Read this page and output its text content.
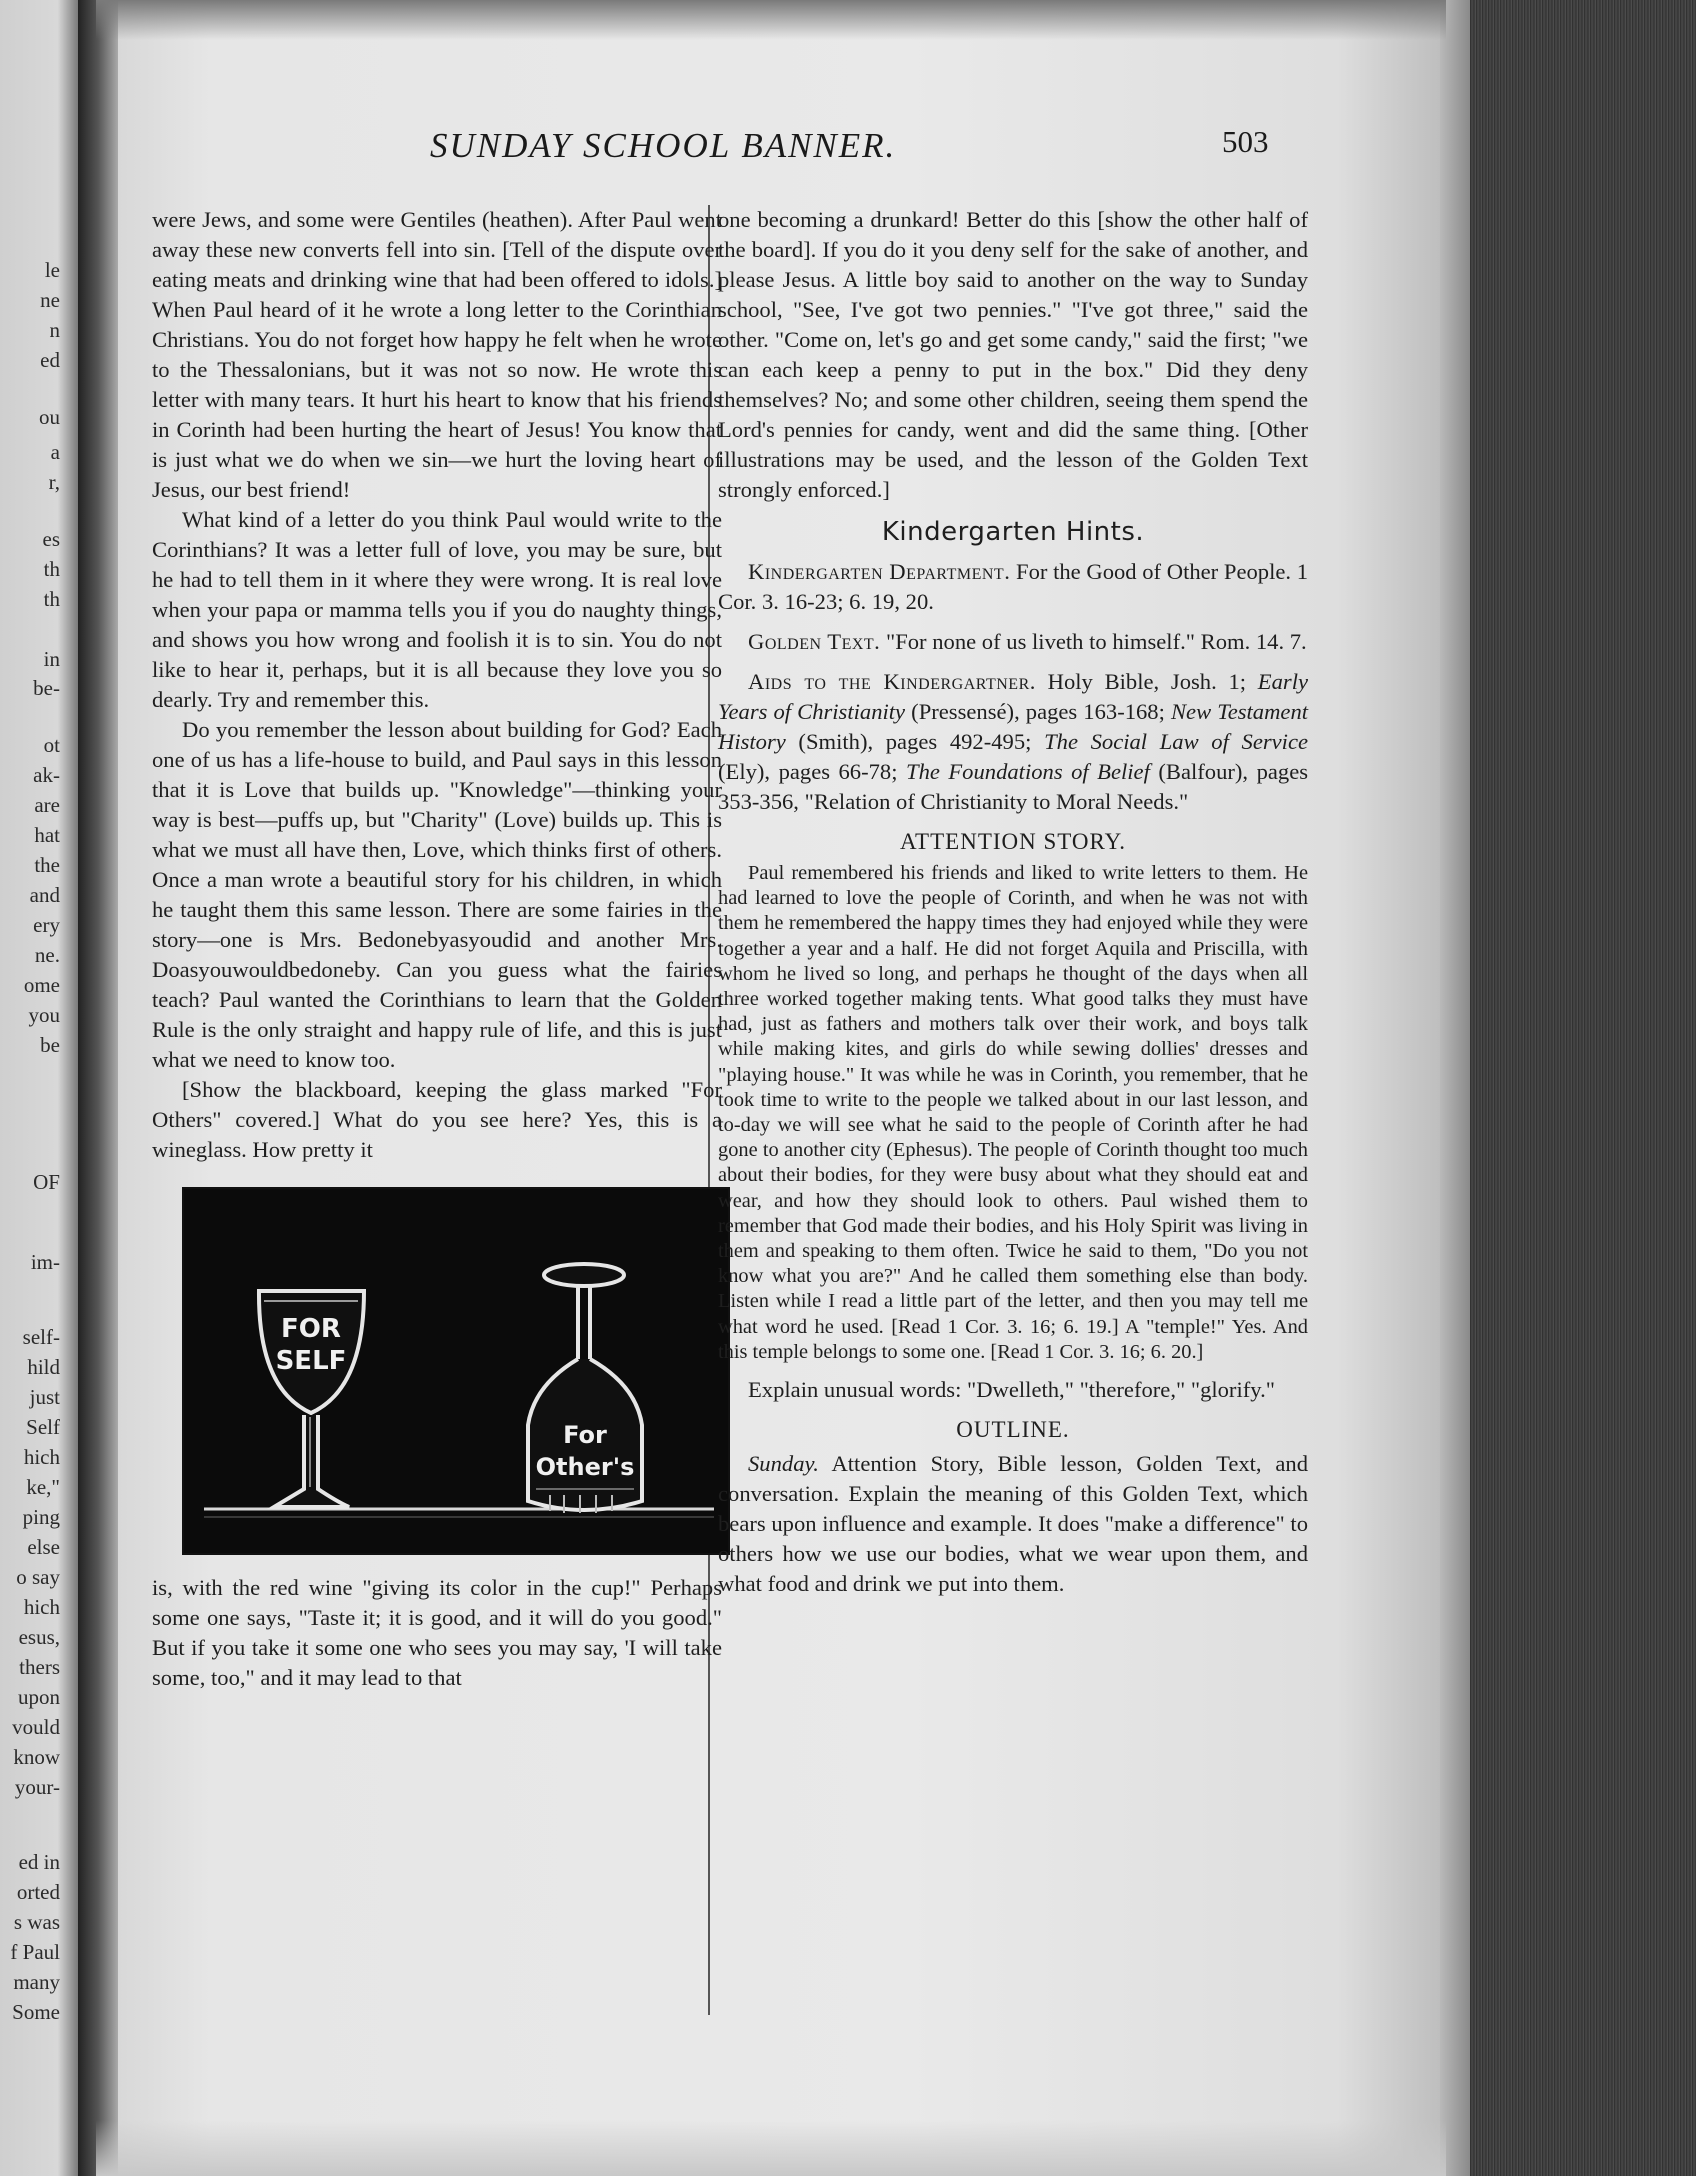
le
ne
n
ed
ou
a
r,
es
th
th
in
be-
ot
ak-
are
hat
the
and
ery
ne.
ome
you
be
OF
im-
self-
hild
just
Self
hich
ke,"
ping
else
o say
hich
esus,
thers
upon
vould
know
your-
ed in
orted
s was
f Paul
many
Some
SUNDAY SCHOOL BANNER.	503

were Jews, and some were Gentiles (heathen). After Paul went away these new converts fell into sin. [Tell of the dispute over eating meats and drinking wine that had been offered to idols.] When Paul heard of it he wrote a long letter to the Corinthian Christians. You do not forget how happy he felt when he wrote to the Thessalonians, but it was not so now. He wrote this letter with many tears. It hurt his heart to know that his friends in Corinth had been hurting the heart of Jesus! You know that is just what we do when we sin—we hurt the loving heart of Jesus, our best friend!

What kind of a letter do you think Paul would write to the Corinthians? It was a letter full of love, you may be sure, but he had to tell them in it where they were wrong. It is real love when your papa or mamma tells you if you do naughty things, and shows you how wrong and foolish it is to sin. You do not like to hear it, perhaps, but it is all because they love you so dearly. Try and remember this.

Do you remember the lesson about building for God? Each one of us has a life-house to build, and Paul says in this lesson that it is Love that builds up. "Knowledge"—thinking your way is best—puffs up, but "Charity" (Love) builds up. This is what we must all have then, Love, which thinks first of others. Once a man wrote a beautiful story for his children, in which he taught them this same lesson. There are some fairies in the story—one is Mrs. Bedonebyasyoudid and another Mrs. Doasyouwouldbedoneby. Can you guess what the fairies teach? Paul wanted the Corinthians to learn that the Golden Rule is the only straight and happy rule of life, and this is just what we need to know too.

[Show the blackboard, keeping the glass marked "For Others" covered.] What do you see here? Yes, this is a wineglass. How pretty it

FOR
SELF
For
Other's

is, with the red wine "giving its color in the cup!" Perhaps some one says, "Taste it; it is good, and it will do you good." But if you take it some one who sees you may say, 'I will take some, too," and it may lead to that

one becoming a drunkard! Better do this [show the other half of the board]. If you do it you deny self for the sake of another, and please Jesus. A little boy said to another on the way to Sunday school, "See, I've got two pennies." "I've got three," said the other. "Come on, let's go and get some candy," said the first; "we can each keep a penny to put in the box." Did they deny themselves? No; and some other children, seeing them spend the Lord's pennies for candy, went and did the same thing. [Other illustrations may be used, and the lesson of the Golden Text strongly enforced.]

Kindergarten Hints.

Kindergarten Department. For the Good of Other People. 1 Cor. 3. 16-23; 6. 19, 20.

Golden Text. "For none of us liveth to himself." Rom. 14. 7.

Aids to the Kindergartner. Holy Bible, Josh. 1; Early Years of Christianity (Pressensé), pages 163-168; New Testament History (Smith), pages 492-495; The Social Law of Service (Ely), pages 66-78; The Foundations of Belief (Balfour), pages 353-356, "Relation of Christianity to Moral Needs."

ATTENTION STORY.

Paul remembered his friends and liked to write letters to them. He had learned to love the people of Corinth, and when he was not with them he remembered the happy times they had enjoyed while they were together a year and a half. He did not forget Aquila and Priscilla, with whom he lived so long, and perhaps he thought of the days when all three worked together making tents. What good talks they must have had, just as fathers and mothers talk over their work, and boys talk while making kites, and girls do while sewing dollies' dresses and "playing house." It was while he was in Corinth, you remember, that he took time to write to the people we talked about in our last lesson, and to-day we will see what he said to the people of Corinth after he had gone to another city (Ephesus). The people of Corinth thought too much about their bodies, for they were busy about what they should eat and wear, and how they should look to others. Paul wished them to remember that God made their bodies, and his Holy Spirit was living in them and speaking to them often. Twice he said to them, "Do you not know what you are?" And he called them something else than body. Listen while I read a little part of the letter, and then you may tell me what word he used. [Read 1 Cor. 3. 16; 6. 19.] A "temple!" Yes. And this temple belongs to some one. [Read 1 Cor. 3. 16; 6. 20.]

Explain unusual words: "Dwelleth," "therefore," "glorify."

OUTLINE.

Sunday. Attention Story, Bible lesson, Golden Text, and conversation. Explain the meaning of this Golden Text, which bears upon influence and example. It does "make a difference" to others how we use our bodies, what we wear upon them, and what food and drink we put into them.
